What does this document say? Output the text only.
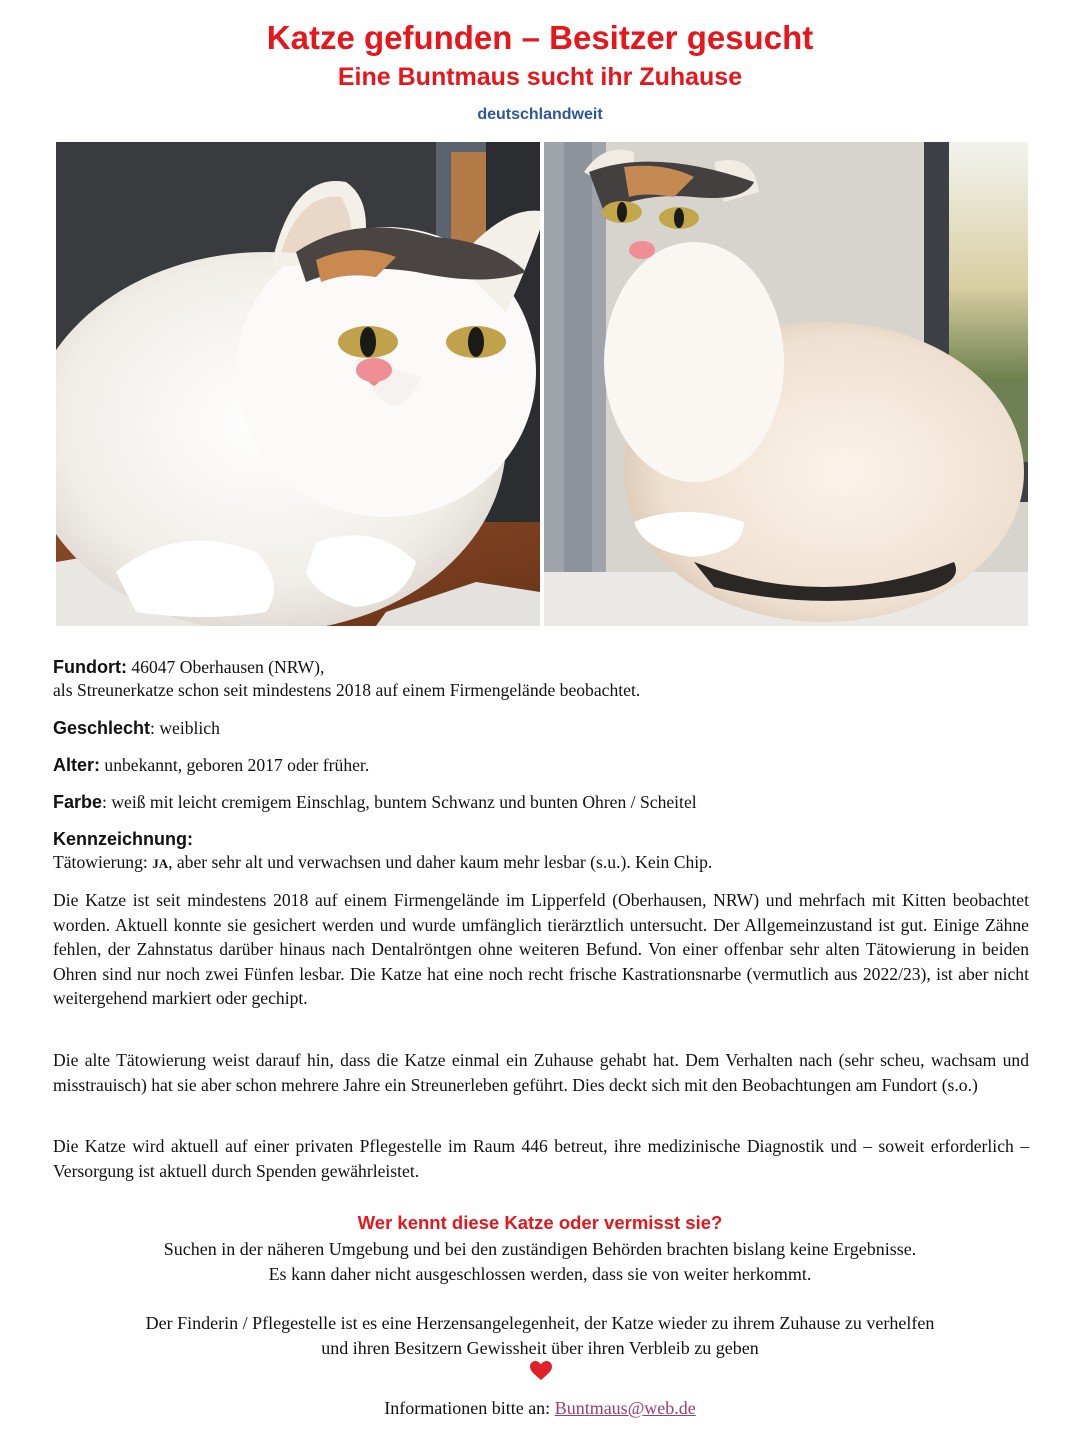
Katze gefunden – Besitzer gesucht
Eine Buntmaus sucht ihr Zuhause
deutschlandweit
Fundort: 46047 Oberhausen (NRW),
als Streunerkatze schon seit mindestens 2018 auf einem Firmengelände beobachtet.
Geschlecht: weiblich
Alter: unbekannt, geboren 2017 oder früher.
Farbe: weiß mit leicht cremigem Einschlag, buntem Schwanz und bunten Ohren / Scheitel
Kennzeichnung:
Tätowierung: JA, aber sehr alt und verwachsen und daher kaum mehr lesbar (s.u.). Kein Chip.
Die Katze ist seit mindestens 2018 auf einem Firmengelände im Lipperfeld (Oberhausen, NRW) und mehrfach mit Kitten beobachtet worden. Aktuell konnte sie gesichert werden und wurde umfänglich tierärztlich untersucht. Der Allgemeinzustand ist gut. Einige Zähne fehlen, der Zahnstatus darüber hinaus nach Dentalröntgen ohne weiteren Befund. Von einer offenbar sehr alten Tätowierung in beiden Ohren sind nur noch zwei Fünfen lesbar. Die Katze hat eine noch recht frische Kastrationsnarbe (vermutlich aus 2022/23), ist aber nicht weitergehend markiert oder gechipt.
Die alte Tätowierung weist darauf hin, dass die Katze einmal ein Zuhause gehabt hat. Dem Verhalten nach (sehr scheu, wachsam und misstrauisch) hat sie aber schon mehrere Jahre ein Streunerleben geführt. Dies deckt sich mit den Beobachtungen am Fundort (s.o.)
Die Katze wird aktuell auf einer privaten Pflegestelle im Raum 446 betreut, ihre medizinische Diagnostik und – soweit erforderlich – Versorgung ist aktuell durch Spenden gewährleistet.
Wer kennt diese Katze oder vermisst sie?
Suchen in der näheren Umgebung und bei den zuständigen Behörden brachten bislang keine Ergebnisse.
Es kann daher nicht ausgeschlossen werden, dass sie von weiter herkommt.
Der Finderin / Pflegestelle ist es eine Herzensangelegenheit, der Katze wieder zu ihrem Zuhause zu verhelfen
und ihren Besitzern Gewissheit über ihren Verbleib zu geben
Informationen bitte an: Buntmaus@web.de
